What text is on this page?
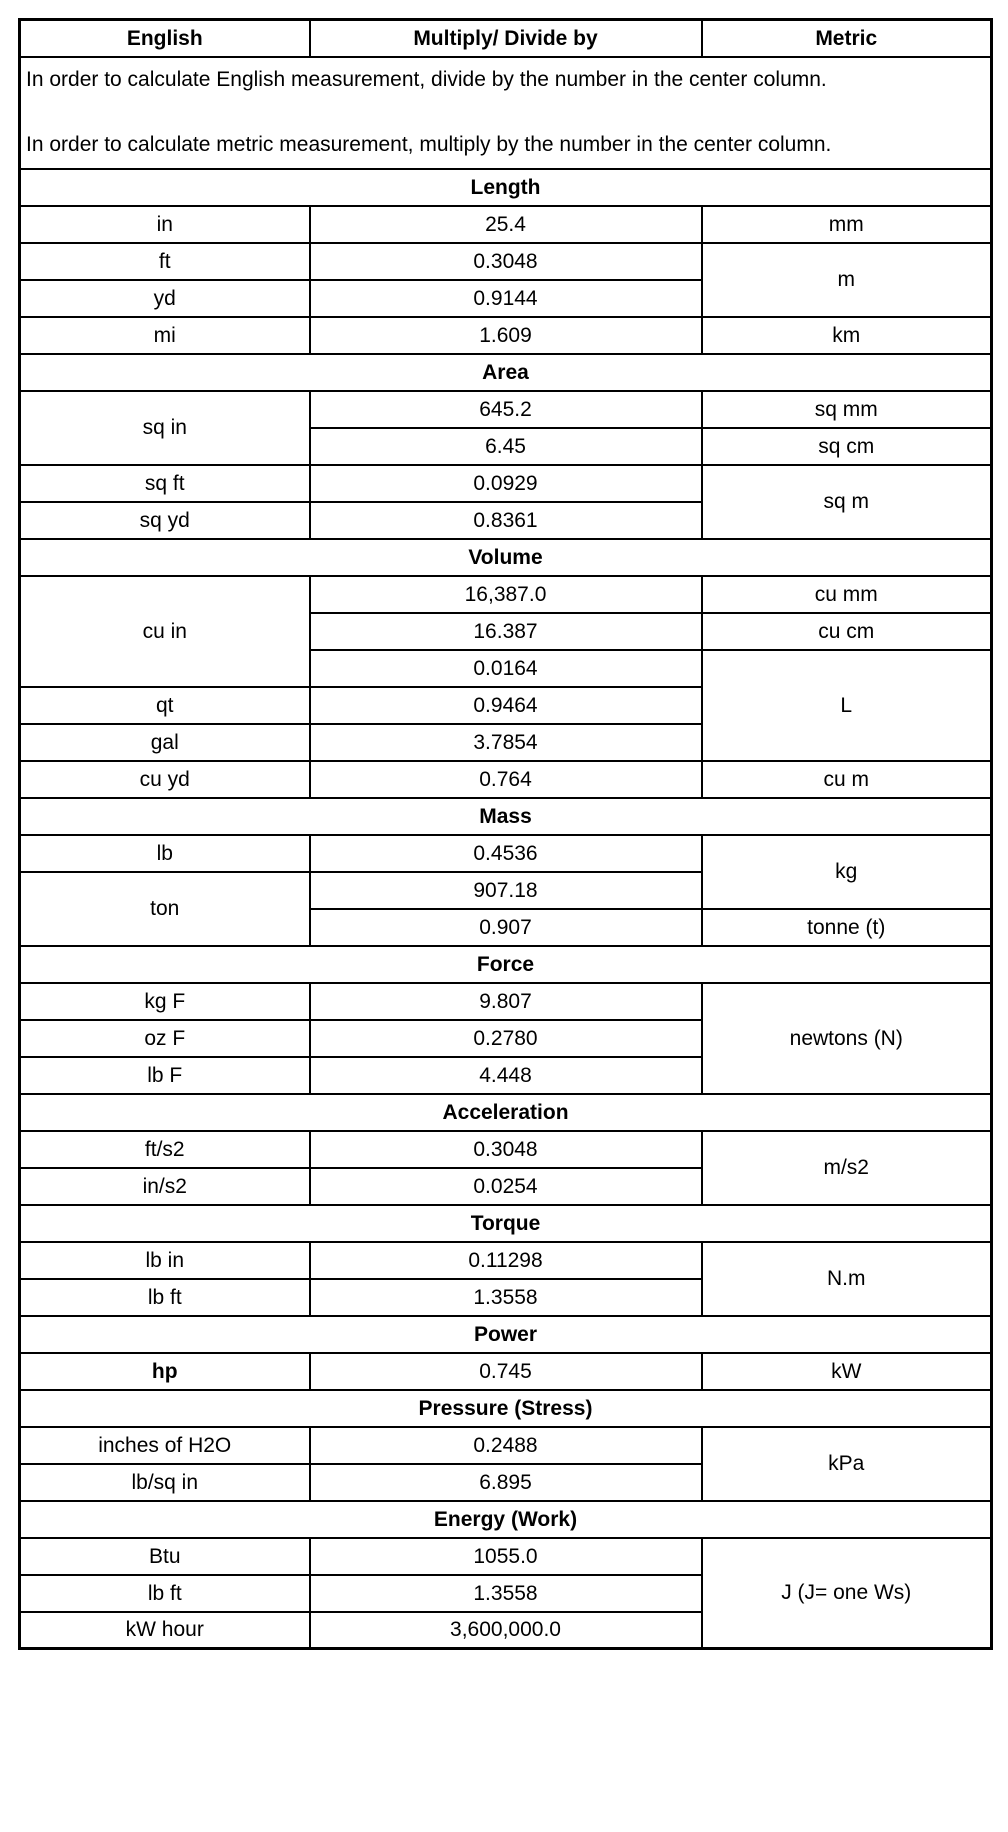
English	Multiply/ Divide by	Metric

In order to calculate English measurement, divide by the number in the center column.

In order to calculate metric measurement, multiply by the number in the center column.		

Length		
in	25.4	mm
ft	0.3048	m
yd	0.9144	
mi	1.609	km
Area		
sq in	645.2	sq mm
	6.45	sq cm
sq ft	0.0929	sq m
sq yd	0.8361	
Volume		
cu in	16,387.0	cu mm
	16.387	cu cm
	0.0164	L
qt	0.9464	
gal	3.7854	
cu yd	0.764	cu m
Mass		
lb	0.4536	kg
ton	907.18	
	0.907	tonne (t)
Force		
kg F	9.807	newtons (N)
oz F	0.2780	
lb F	4.448	
Acceleration		
ft/s2	0.3048	m/s2
in/s2	0.0254	
Torque		
lb in	0.11298	N.m
lb ft	1.3558	
Power		
hp	0.745	kW
Pressure (Stress)		
inches of H2O	0.2488	kPa
lb/sq in	6.895	
Energy (Work)		
Btu	1055.0	J (J= one Ws)
lb ft	1.3558	
kW hour	3,600,000.0	
